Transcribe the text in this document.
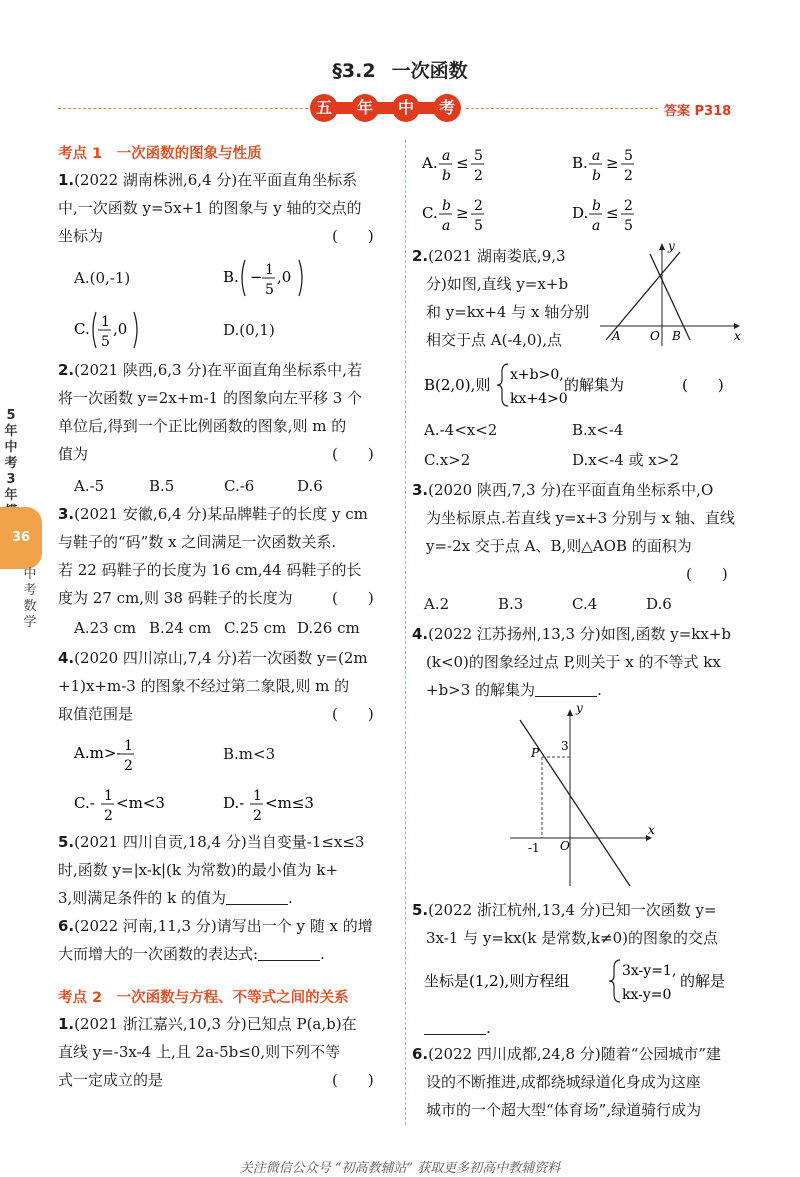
§3.2 一次函数
五	年	中	考	答案 P318
5年中考3年
36
中考数学
考点 1　一次函数的图象与性质
1.(2022 湖南株洲,6,4 分)在平面直角坐标系
中,一次函数 y=5x+1 的图象与 y 轴的交点的
坐标为	(　　)
A.(0,-1)	B. − 1
5
,0
C. 1
5
,0	D.(0,1)
2.(2021 陕西,6,3 分)在平面直角坐标系中,若
将一次函数 y=2x+m-1 的图象向左平移 3 个
单位后,得到一个正比例函数的图象,则 m 的
值为	(　　)
A.-5	B.5	C.-6	D.6
3.(2021 安徽,6,4 分)某品牌鞋子的长度 y cm
与鞋子的“码”数 x 之间满足一次函数关系.
若 22 码鞋子的长度为 16 cm,44 码鞋子的长
度为 27 cm,则 38 码鞋子的长度为	(　　)
A.23 cm B.24 cm C.25 cm D.26 cm
4.(2020 四川凉山,7,4 分)若一次函数 y=(2m
+1)x+m-3 的图象不经过第二象限,则 m 的
取值范围是	(　　)
A.m>- 1
2
B.m<3
C.- 1
2
<m<3	D.- 1
2
<m≤3
5.(2021 四川自贡,18,4 分)当自变量-1≤x≤3
时,函数 y=|x-k|(k 为常数)的最小值为 k+
3,则满足条件的 k 的值为	.
6.(2022 河南,11,3 分)请写出一个 y 随 x 的增
大而增大的一次函数的表达式:	.
考点 2　一次函数与方程、不等式之间的关系
1.(2021 浙江嘉兴,10,3 分)已知点 P(a,b)在
直线 y=-3x-4 上,且 2a-5b≤0,则下列不等
式一定成立的是	(　　)
A. a
b
≤ 5
2
B. a
b
≥ 5
2
C. b
a
≥ 2
5
D. b
a
≤ 2
5
2.(2021 湖南娄底,9,3
分)如图,直线 y=x+b
和 y=kx+4 与 x 轴分别
相交于点 A(-4,0),点
y
x
A O B
B(2,0),则
x+b>0,
kx+4>0
的解集为	(　　)
A.-4<x<2	B.x<-4
C.x>2	D.x<-4 或 x>2
3.(2020 陕西,7,3 分)在平面直角坐标系中,O
为坐标原点.若直线 y=x+3 分别与 x 轴、直线
y=-2x 交于点 A、B,则△AOB 的面积为
(　　)
A.2	B.3	C.4	D.6
4.(2022 江苏扬州,13,3 分)如图,函数 y=kx+b
(k<0)的图象经过点 P,则关于 x 的不等式 kx
+b>3 的解集为	.
y
x
P 3
-1 O
5.(2022 浙江杭州,13,4 分)已知一次函数 y=
3x-1 与 y=kx(k 是常数,k≠0)的图象的交点
坐标是(1,2),则方程组
3x-y=1,
kx-y=0
的解是
.
6.(2022 四川成都,24,8 分)随着“公园城市”建
设的不断推进,成都绕城绿道化身成为这座
城市的一个超大型“体育场”,绿道骑行成为
关注微信公众号 “初高教辅站” 获取更多初高中教辅资料
